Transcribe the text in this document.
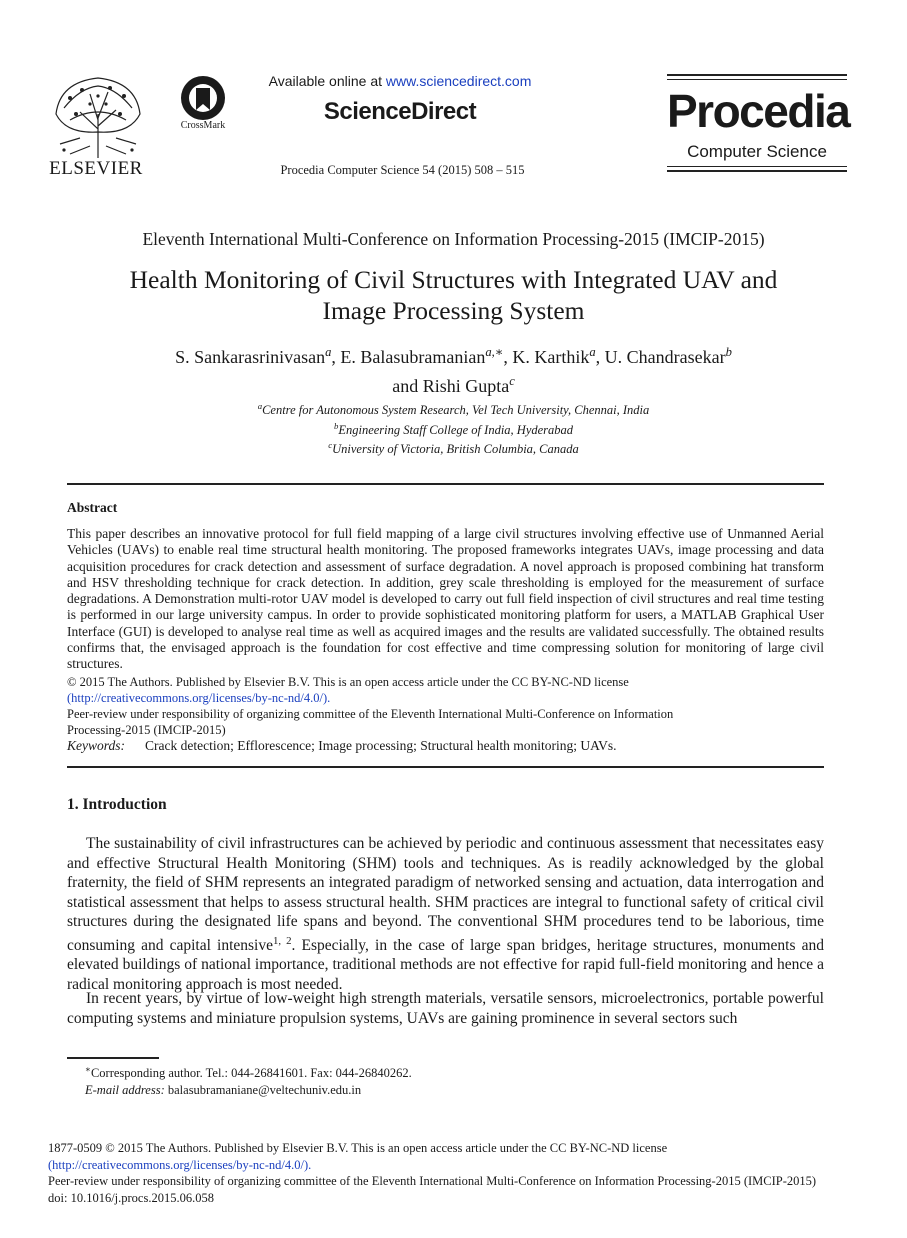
ELSEVIER
CrossMark
Available online at www.sciencedirect.com
ScienceDirect
Procedia Computer Science 54 (2015) 508 – 515
Procedia
Computer Science
Eleventh International Multi-Conference on Information Processing-2015 (IMCIP-2015)
Health Monitoring of Civil Structures with Integrated UAV and
Image Processing System
S. Sankarasrinivasan$^a$, E. Balasubramanian$^{a,∗}$, K. Karthik$^a$, U. Chandrasekar$^b$
and Rishi Gupta$^c$
$^a$Centre for Autonomous System Research, Vel Tech University, Chennai, India
$^b$Engineering Staff College of India, Hyderabad
$^c$University of Victoria, British Columbia, Canada
Abstract
This paper describes an innovative protocol for full field mapping of a large civil structures involving effective use of Unmanned Aerial Vehicles (UAVs) to enable real time structural health monitoring. The proposed frameworks integrates UAVs, image processing and data acquisition procedures for crack detection and assessment of surface degradation. A novel approach is proposed combining hat transform and HSV thresholding technique for crack detection. In addition, grey scale thresholding is employed for the measurement of surface degradations. A Demonstration multi-rotor UAV model is developed to carry out full field inspection of civil structures and real time testing is performed in our large university campus. In order to provide sophisticated monitoring platform for users, a MATLAB Graphical User Interface (GUI) is developed to analyse real time as well as acquired images and the results are validated successfully. The obtained results confirms that, the envisaged approach is the foundation for cost effective and time compressing solution for monitoring of large civil structures.
© 2015 The Authors. Published by Elsevier B.V. This is an open access article under the CC BY-NC-ND license
(http://creativecommons.org/licenses/by-nc-nd/4.0/).
Peer-review under responsibility of organizing committee of the Eleventh International Multi-Conference on Information
Processing-2015 (IMCIP-2015)
Keywords: Crack detection; Efflorescence; Image processing; Structural health monitoring; UAVs.
1. Introduction
The sustainability of civil infrastructures can be achieved by periodic and continuous assessment that necessitates easy and effective Structural Health Monitoring (SHM) tools and techniques. As is readily acknowledged by the global fraternity, the field of SHM represents an integrated paradigm of networked sensing and actuation, data interrogation and statistical assessment that helps to assess structural health. SHM practices are integral to functional safety of critical civil structures during the designated life spans and beyond. The conventional SHM procedures tend to be laborious, time consuming and capital intensive$^{1, 2}$. Especially, in the case of large span bridges, heritage structures, monuments and elevated buildings of national importance, traditional methods are not effective for rapid full-field monitoring and hence a radical monitoring approach is most needed.
In recent years, by virtue of low-weight high strength materials, versatile sensors, microelectronics, portable powerful computing systems and miniature propulsion systems, UAVs are gaining prominence in several sectors such
∗Corresponding author. Tel.: 044-26841601. Fax: 044-26840262.
E-mail address: balasubramaniane@veltechuniv.edu.in
1877-0509 © 2015 The Authors. Published by Elsevier B.V. This is an open access article under the CC BY-NC-ND license
(http://creativecommons.org/licenses/by-nc-nd/4.0/).
Peer-review under responsibility of organizing committee of the Eleventh International Multi-Conference on Information Processing-2015 (IMCIP-2015)
doi: 10.1016/j.procs.2015.06.058
